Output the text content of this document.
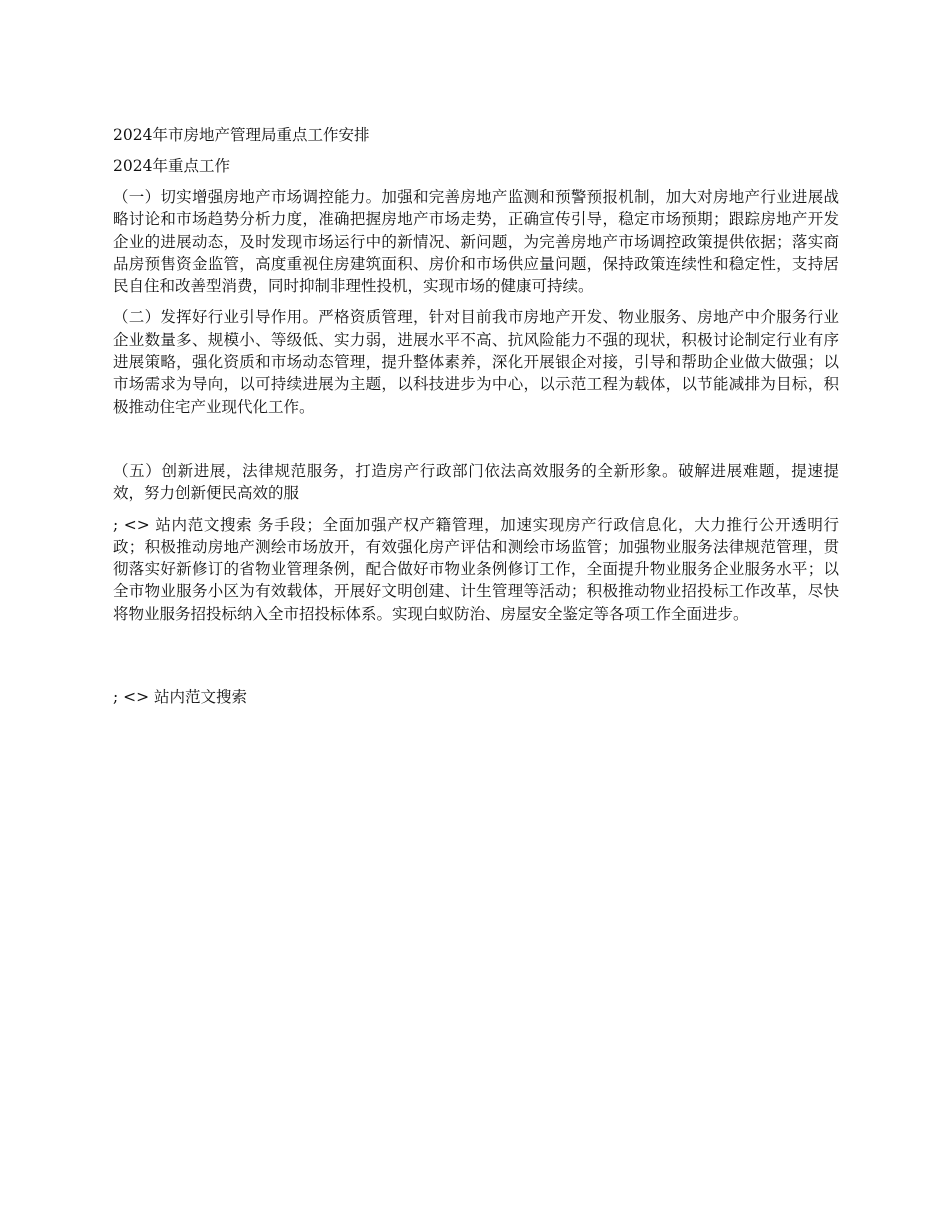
2024年市房地产管理局重点工作安排
2024年重点工作
（一）切实增强房地产市场调控能力。加强和完善房地产监测和预警预报机制，加大对房地产行业进展战略讨论和市场趋势分析力度，准确把握房地产市场走势，正确宣传引导，稳定市场预期；跟踪房地产开发企业的进展动态，及时发现市场运行中的新情况、新问题，为完善房地产市场调控政策提供依据；落实商品房预售资金监管，高度重视住房建筑面积、房价和市场供应量问题，保持政策连续性和稳定性，支持居民自住和改善型消费，同时抑制非理性投机，实现市场的健康可持续。
（二）发挥好行业引导作用。严格资质管理，针对目前我市房地产开发、物业服务、房地产中介服务行业企业数量多、规模小、等级低、实力弱，进展水平不高、抗风险能力不强的现状，积极讨论制定行业有序进展策略，强化资质和市场动态管理，提升整体素养，深化开展银企对接，引导和帮助企业做大做强；以市场需求为导向，以可持续进展为主题，以科技进步为中心，以示范工程为载体，以节能减排为目标，积极推动住宅产业现代化工作。
（五）创新进展，法律规范服务，打造房产行政部门依法高效服务的全新形象。破解进展难题，提速提效，努力创新便民高效的服
; <> 站内范文搜索 务手段；全面加强产权产籍管理，加速实现房产行政信息化，大力推行公开透明行政；积极推动房地产测绘市场放开，有效强化房产评估和测绘市场监管；加强物业服务法律规范管理，贯彻落实好新修订的省物业管理条例，配合做好市物业条例修订工作，全面提升物业服务企业服务水平；以全市物业服务小区为有效载体，开展好文明创建、计生管理等活动；积极推动物业招投标工作改革，尽快将物业服务招投标纳入全市招投标体系。实现白蚁防治、房屋安全鉴定等各项工作全面进步。
; <> 站内范文搜索
